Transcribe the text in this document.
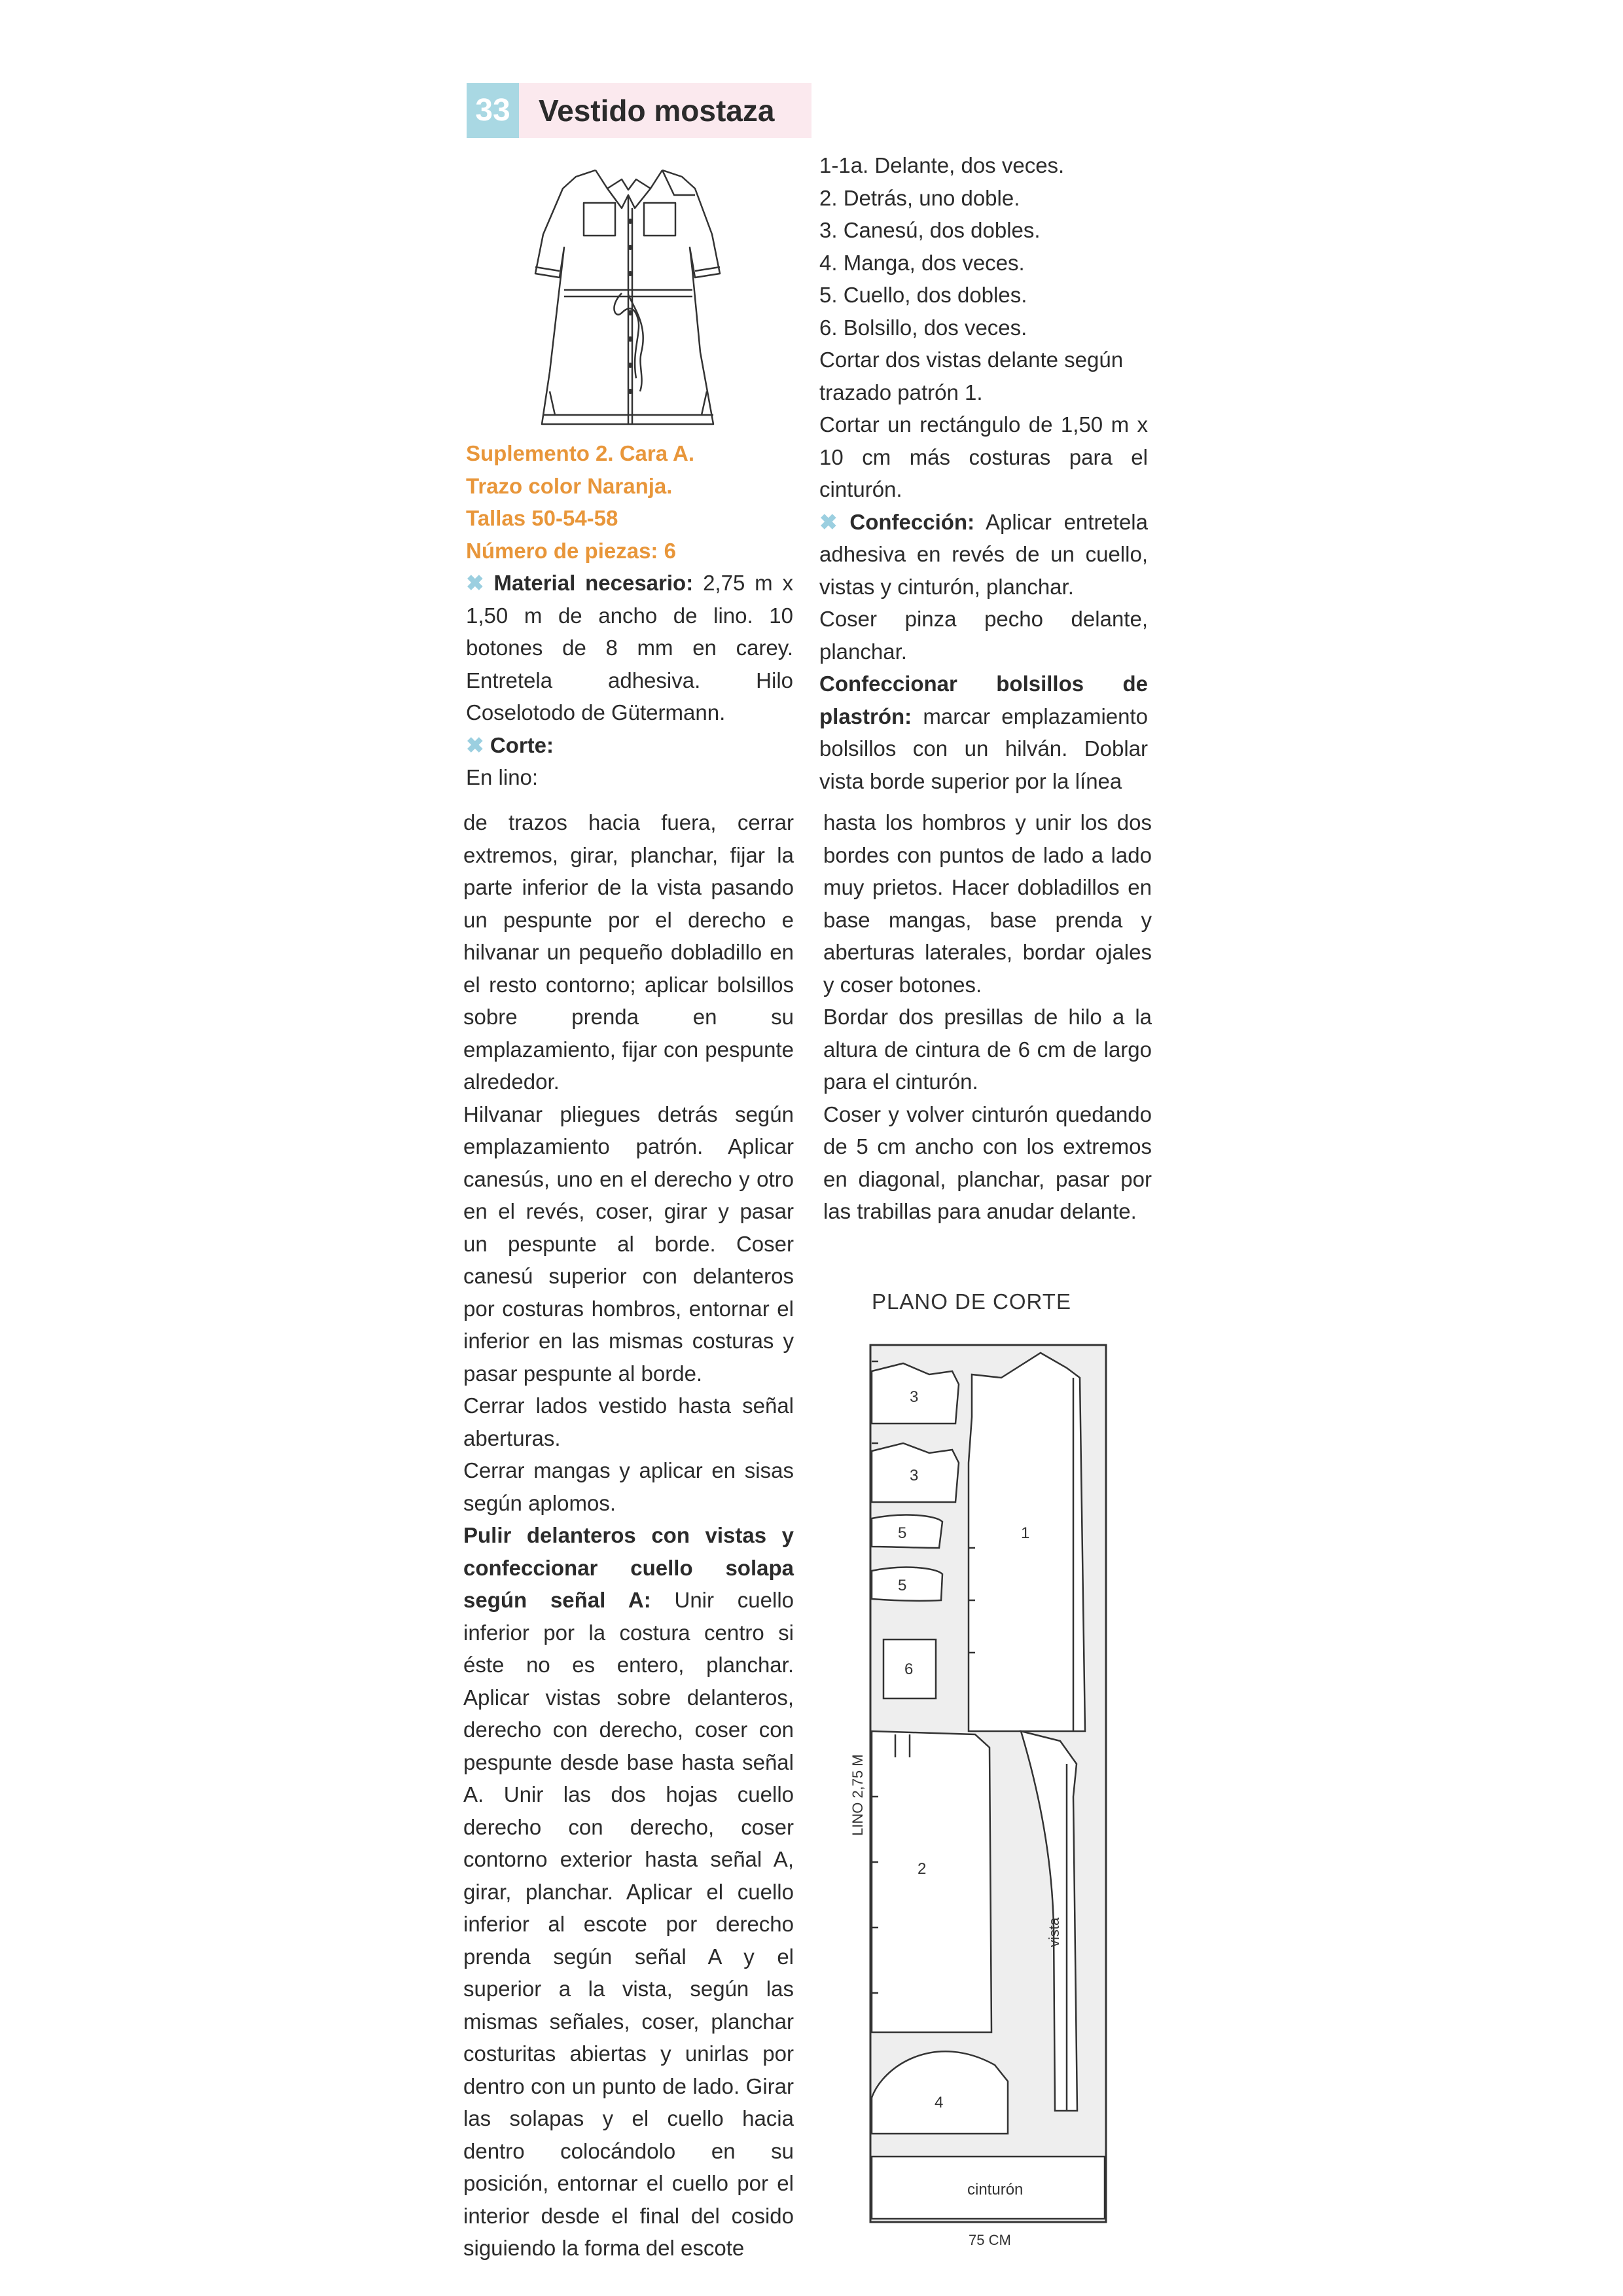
33 Vestido mostaza

Suplemento 2. Cara A.

Trazo color Naranja.

Tallas 50-54-58

Número de piezas: 6

✖ Material necesario: 2,75 m x 1,50 m de ancho de lino. 10 botones de 8 mm en carey. Entretela adhesiva. Hilo Coselotodo de Gütermann.

✖ Corte:

En lino:

1-1a. Delante, dos veces.

2. Detrás, uno doble.

3. Canesú, dos dobles.

4. Manga, dos veces.

5. Cuello, dos dobles.

6. Bolsillo, dos veces.

Cortar dos vistas delante según trazado patrón 1.

Cortar un rectángulo de 1,50 m x 10 cm más costuras para el cinturón.

✖ Confección: Aplicar entretela adhesiva en revés de un cuello, vistas y cinturón, planchar.

Coser pinza pecho delante, planchar.

Confeccionar bolsillos de plastrón: marcar emplazamiento bolsillos con un hilván. Doblar vista borde superior por la línea

de trazos hacia fuera, cerrar extremos, girar, planchar, fijar la parte inferior de la vista pasando un pespunte por el derecho e hilvanar un pequeño dobladillo en el resto contorno; aplicar bolsillos sobre prenda en su emplazamiento, fijar con pespunte alrededor.

Hilvanar pliegues detrás según emplazamiento patrón. Aplicar canesús, uno en el derecho y otro en el revés, coser, girar y pasar un pespunte al borde. Coser canesú superior con delanteros por costuras hombros, entornar el inferior en las mismas costuras y pasar pespunte al borde.

Cerrar lados vestido hasta señal aberturas.

Cerrar mangas y aplicar en sisas según aplomos.

Pulir delanteros con vistas y confeccionar cuello solapa según señal A: Unir cuello inferior por la costura centro si éste no es entero, planchar. Aplicar vistas sobre delanteros, derecho con derecho, coser con pespunte desde base hasta señal A. Unir las dos hojas cuello derecho con derecho, coser contorno exterior hasta señal A, girar, planchar. Aplicar el cuello inferior al escote por derecho prenda según señal A y el superior a la vista, según las mismas señales, coser, planchar costuritas abiertas y unirlas por dentro con un punto de lado. Girar las solapas y el cuello hacia dentro colocándolo en su posición, entornar el cuello por el interior desde el final del cosido siguiendo la forma del escote

hasta los hombros y unir los dos bordes con puntos de lado a lado muy prietos. Hacer dobladillos en base mangas, base prenda y aberturas laterales, bordar ojales y coser botones.

Bordar dos presillas de hilo a la altura de cintura de 6 cm de largo para el cinturón.

Coser y volver cinturón quedando de 5 cm ancho con los extremos en diagonal, planchar, pasar por las trabillas para anudar delante.

PLANO DE CORTE
3
3
5
5
6
1
2
4
cinturón
vista
LINO 2,75 M
75 CM
